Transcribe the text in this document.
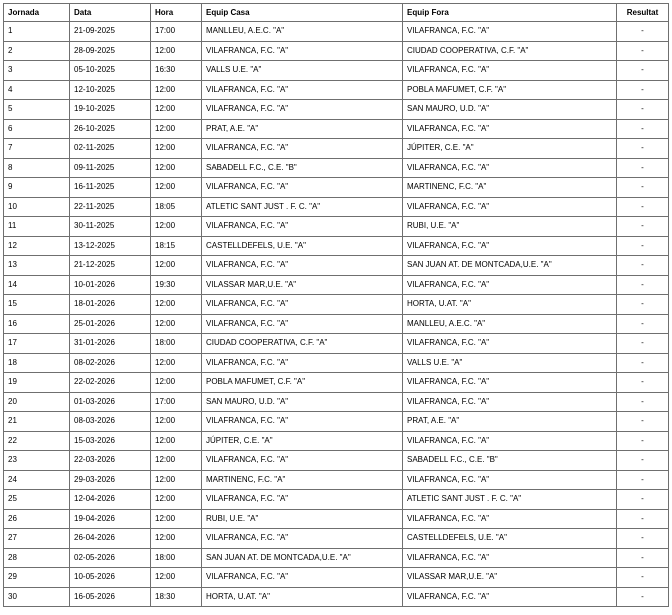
Jornada	Data	Hora	Equip Casa	Equip Fora	Resultat
1	21-09-2025	17:00	MANLLEU, A.E.C. "A"	VILAFRANCA, F.C. "A"	-
2	28-09-2025	12:00	VILAFRANCA, F.C. "A"	CIUDAD COOPERATIVA, C.F. "A"	-
3	05-10-2025	16:30	VALLS U.E. "A"	VILAFRANCA, F.C. "A"	-
4	12-10-2025	12:00	VILAFRANCA, F.C. "A"	POBLA MAFUMET, C.F. "A"	-
5	19-10-2025	12:00	VILAFRANCA, F.C. "A"	SAN MAURO, U.D. "A"	-
6	26-10-2025	12:00	PRAT, A.E. "A"	VILAFRANCA, F.C. "A"	-
7	02-11-2025	12:00	VILAFRANCA, F.C. "A"	JÚPITER, C.E. "A"	-
8	09-11-2025	12:00	SABADELL F.C., C.E. "B"	VILAFRANCA, F.C. "A"	-
9	16-11-2025	12:00	VILAFRANCA, F.C. "A"	MARTINENC, F.C. "A"	-
10	22-11-2025	18:05	ATLETIC SANT JUST . F. C. "A"	VILAFRANCA, F.C. "A"	-
11	30-11-2025	12:00	VILAFRANCA, F.C. "A"	RUBI, U.E. "A"	-
12	13-12-2025	18:15	CASTELLDEFELS, U.E. "A"	VILAFRANCA, F.C. "A"	-
13	21-12-2025	12:00	VILAFRANCA, F.C. "A"	SAN JUAN AT. DE MONTCADA,U.E. "A"	-
14	10-01-2026	19:30	VILASSAR MAR,U.E. "A"	VILAFRANCA, F.C. "A"	-
15	18-01-2026	12:00	VILAFRANCA, F.C. "A"	HORTA, U.AT. "A"	-
16	25-01-2026	12:00	VILAFRANCA, F.C. "A"	MANLLEU, A.E.C. "A"	-
17	31-01-2026	18:00	CIUDAD COOPERATIVA, C.F. "A"	VILAFRANCA, F.C. "A"	-
18	08-02-2026	12:00	VILAFRANCA, F.C. "A"	VALLS U.E. "A"	-
19	22-02-2026	12:00	POBLA MAFUMET, C.F. "A"	VILAFRANCA, F.C. "A"	-
20	01-03-2026	17:00	SAN MAURO, U.D. "A"	VILAFRANCA, F.C. "A"	-
21	08-03-2026	12:00	VILAFRANCA, F.C. "A"	PRAT, A.E. "A"	-
22	15-03-2026	12:00	JÚPITER, C.E. "A"	VILAFRANCA, F.C. "A"	-
23	22-03-2026	12:00	VILAFRANCA, F.C. "A"	SABADELL F.C., C.E. "B"	-
24	29-03-2026	12:00	MARTINENC, F.C. "A"	VILAFRANCA, F.C. "A"	-
25	12-04-2026	12:00	VILAFRANCA, F.C. "A"	ATLETIC SANT JUST . F. C. "A"	-
26	19-04-2026	12:00	RUBI, U.E. "A"	VILAFRANCA, F.C. "A"	-
27	26-04-2026	12:00	VILAFRANCA, F.C. "A"	CASTELLDEFELS, U.E. "A"	-
28	02-05-2026	18:00	SAN JUAN AT. DE MONTCADA,U.E. "A"	VILAFRANCA, F.C. "A"	-
29	10-05-2026	12:00	VILAFRANCA, F.C. "A"	VILASSAR MAR,U.E. "A"	-
30	16-05-2026	18:30	HORTA, U.AT. "A"	VILAFRANCA, F.C. "A"	-
